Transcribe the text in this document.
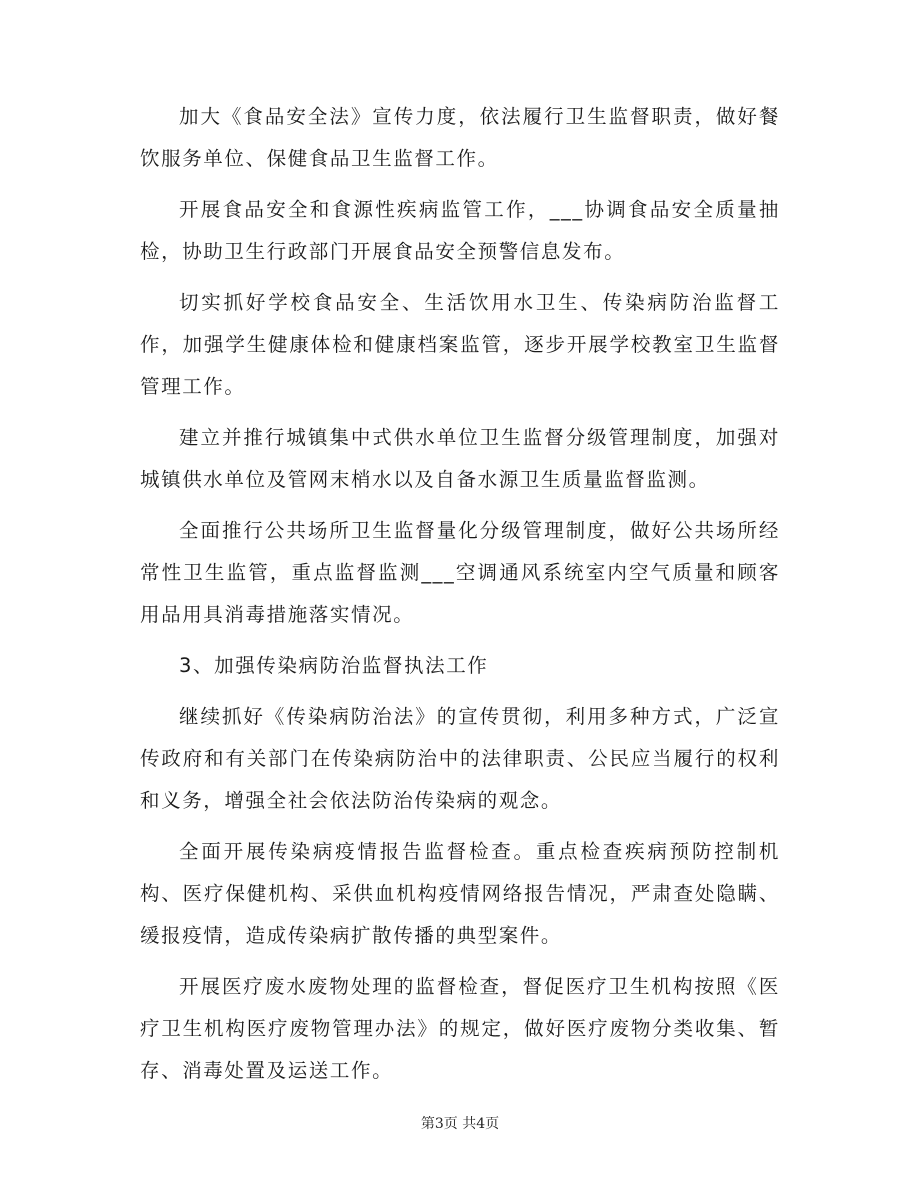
加大《食品安全法》宣传力度，依法履行卫生监督职责，做好餐饮服务单位、保健食品卫生监督工作。

开展食品安全和食源性疾病监管工作，___协调食品安全质量抽检，协助卫生行政部门开展食品安全预警信息发布。

切实抓好学校食品安全、生活饮用水卫生、传染病防治监督工作，加强学生健康体检和健康档案监管，逐步开展学校教室卫生监督管理工作。

建立并推行城镇集中式供水单位卫生监督分级管理制度，加强对城镇供水单位及管网末梢水以及自备水源卫生质量监督监测。

全面推行公共场所卫生监督量化分级管理制度，做好公共场所经常性卫生监管，重点监督监测___空调通风系统室内空气质量和顾客用品用具消毒措施落实情况。

3、加强传染病防治监督执法工作

继续抓好《传染病防治法》的宣传贯彻，利用多种方式，广泛宣传政府和有关部门在传染病防治中的法律职责、公民应当履行的权利和义务，增强全社会依法防治传染病的观念。

全面开展传染病疫情报告监督检查。重点检查疾病预防控制机构、医疗保健机构、采供血机构疫情网络报告情况，严肃查处隐瞒、缓报疫情，造成传染病扩散传播的典型案件。

开展医疗废水废物处理的监督检查，督促医疗卫生机构按照《医疗卫生机构医疗废物管理办法》的规定，做好医疗废物分类收集、暂存、消毒处置及运送工作。

第3页 共4页
